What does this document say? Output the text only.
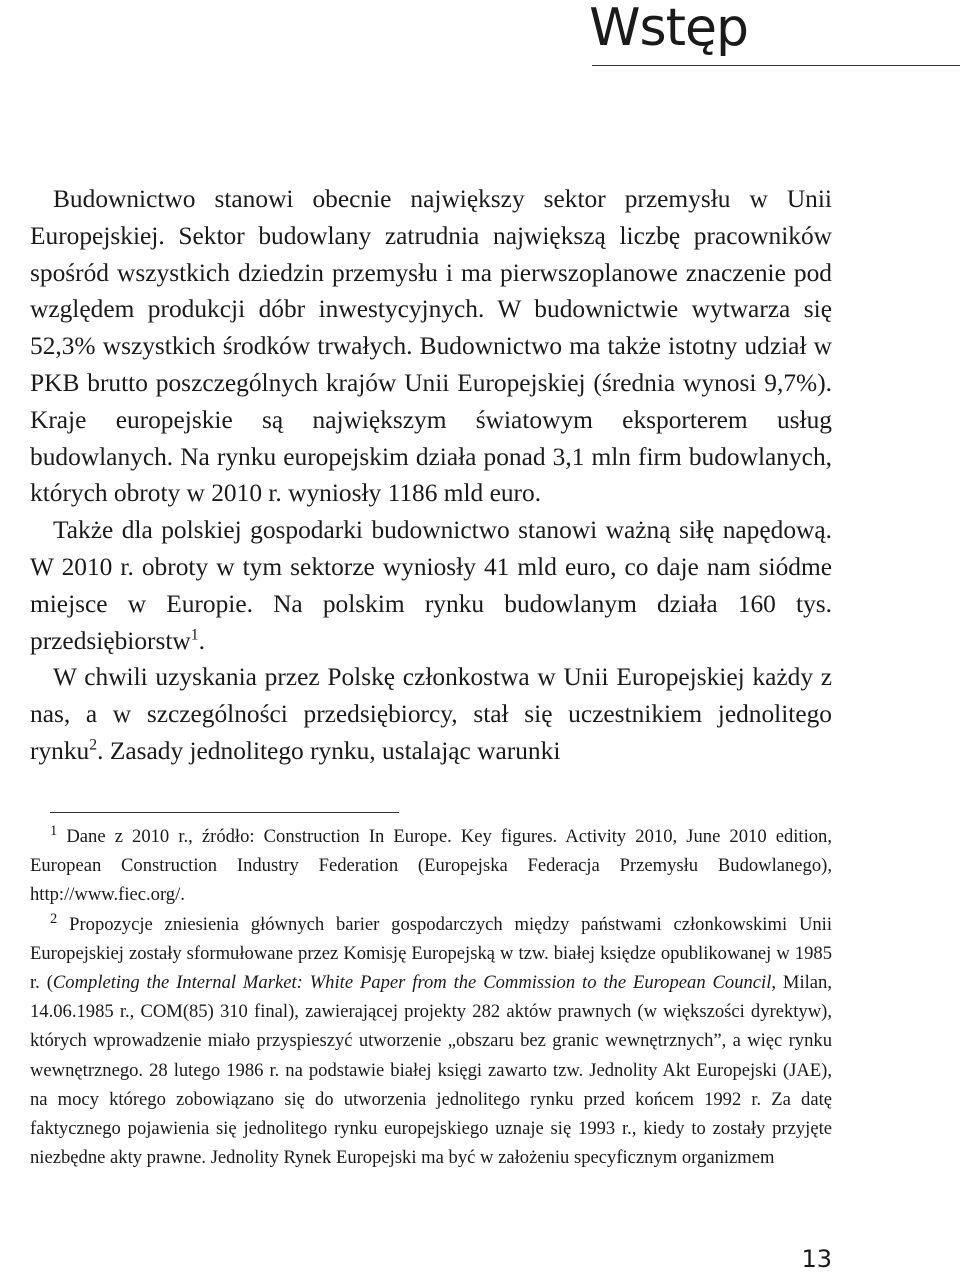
Wstęp

Budownictwo stanowi obecnie największy sektor przemysłu w Unii Europejskiej. Sektor budowlany zatrudnia największą liczbę pracowników spośród wszystkich dziedzin przemysłu i ma pierwszoplanowe znaczenie pod względem produkcji dóbr inwestycyjnych. W budownictwie wytwarza się 52,3% wszystkich środków trwałych. Budownictwo ma także istotny udział w PKB brutto poszczególnych krajów Unii Europejskiej (średnia wynosi 9,7%). Kraje europejskie są największym światowym eksporterem usług budowlanych. Na rynku europejskim działa ponad 3,1 mln firm budowlanych, których obroty w 2010 r. wyniosły 1186 mld euro.

Także dla polskiej gospodarki budownictwo stanowi ważną siłę napędową. W 2010 r. obroty w tym sektorze wyniosły 41 mld euro, co daje nam siódme miejsce w Europie. Na polskim rynku budowlanym działa 160 tys. przedsiębiorstw$^1$.

W chwili uzyskania przez Polskę członkostwa w Unii Europejskiej każdy z nas, a w szczególności przedsiębiorcy, stał się uczestnikiem jednolitego rynku$^2$. Zasady jednolitego rynku, ustalając warunki

$^1$ Dane z 2010 r., źródło: Construction In Europe. Key figures. Activity 2010, June 2010 edition, European Construction Industry Federation (Europejska Federacja Przemysłu Budowlanego), http://www.fiec.org/.

$^2$ Propozycje zniesienia głównych barier gospodarczych między państwami członkowskimi Unii Europejskiej zostały sformułowane przez Komisję Europejską w tzw. białej księdze opublikowanej w 1985 r. (Completing the Internal Market: White Paper from the Commission to the European Council, Milan, 14.06.1985 r., COM(85) 310 final), zawierającej projekty 282 aktów prawnych (w większości dyrektyw), których wprowadzenie miało przyspieszyć utworzenie „obszaru bez granic wewnętrznych”, a więc rynku wewnętrznego. 28 lutego 1986 r. na podstawie białej księgi zawarto tzw. Jednolity Akt Europejski (JAE), na mocy którego zobowiązano się do utworzenia jednolitego rynku przed końcem 1992 r. Za datę faktycznego pojawienia się jednolitego rynku europejskiego uznaje się 1993 r., kiedy to zostały przyjęte niezbędne akty prawne. Jednolity Rynek Europejski ma być w założeniu specyficznym organizmem

13
